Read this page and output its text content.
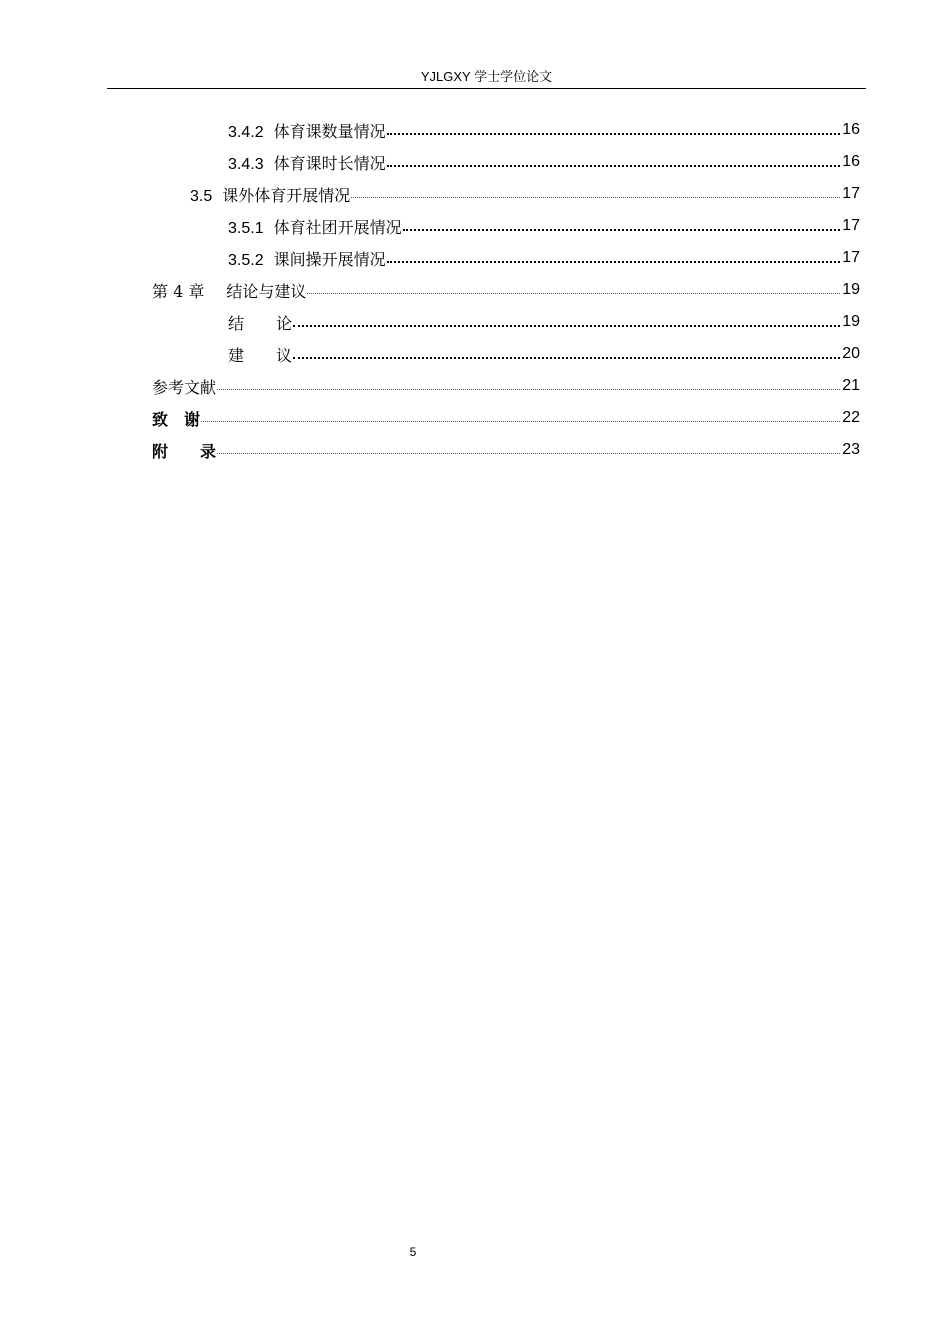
YJLGXY 学士学位论文
3.4.2 体育课数量情况	16
3.4.3 体育课时长情况	16
3.5 课外体育开展情况	17
3.5.1 体育社团开展情况	17
3.5.2 课间操开展情况	17
第 4 章 结论与建议	19
结　　论	19
建　　议	20
参考文献	21
致　谢	22
附　　录	23
5
